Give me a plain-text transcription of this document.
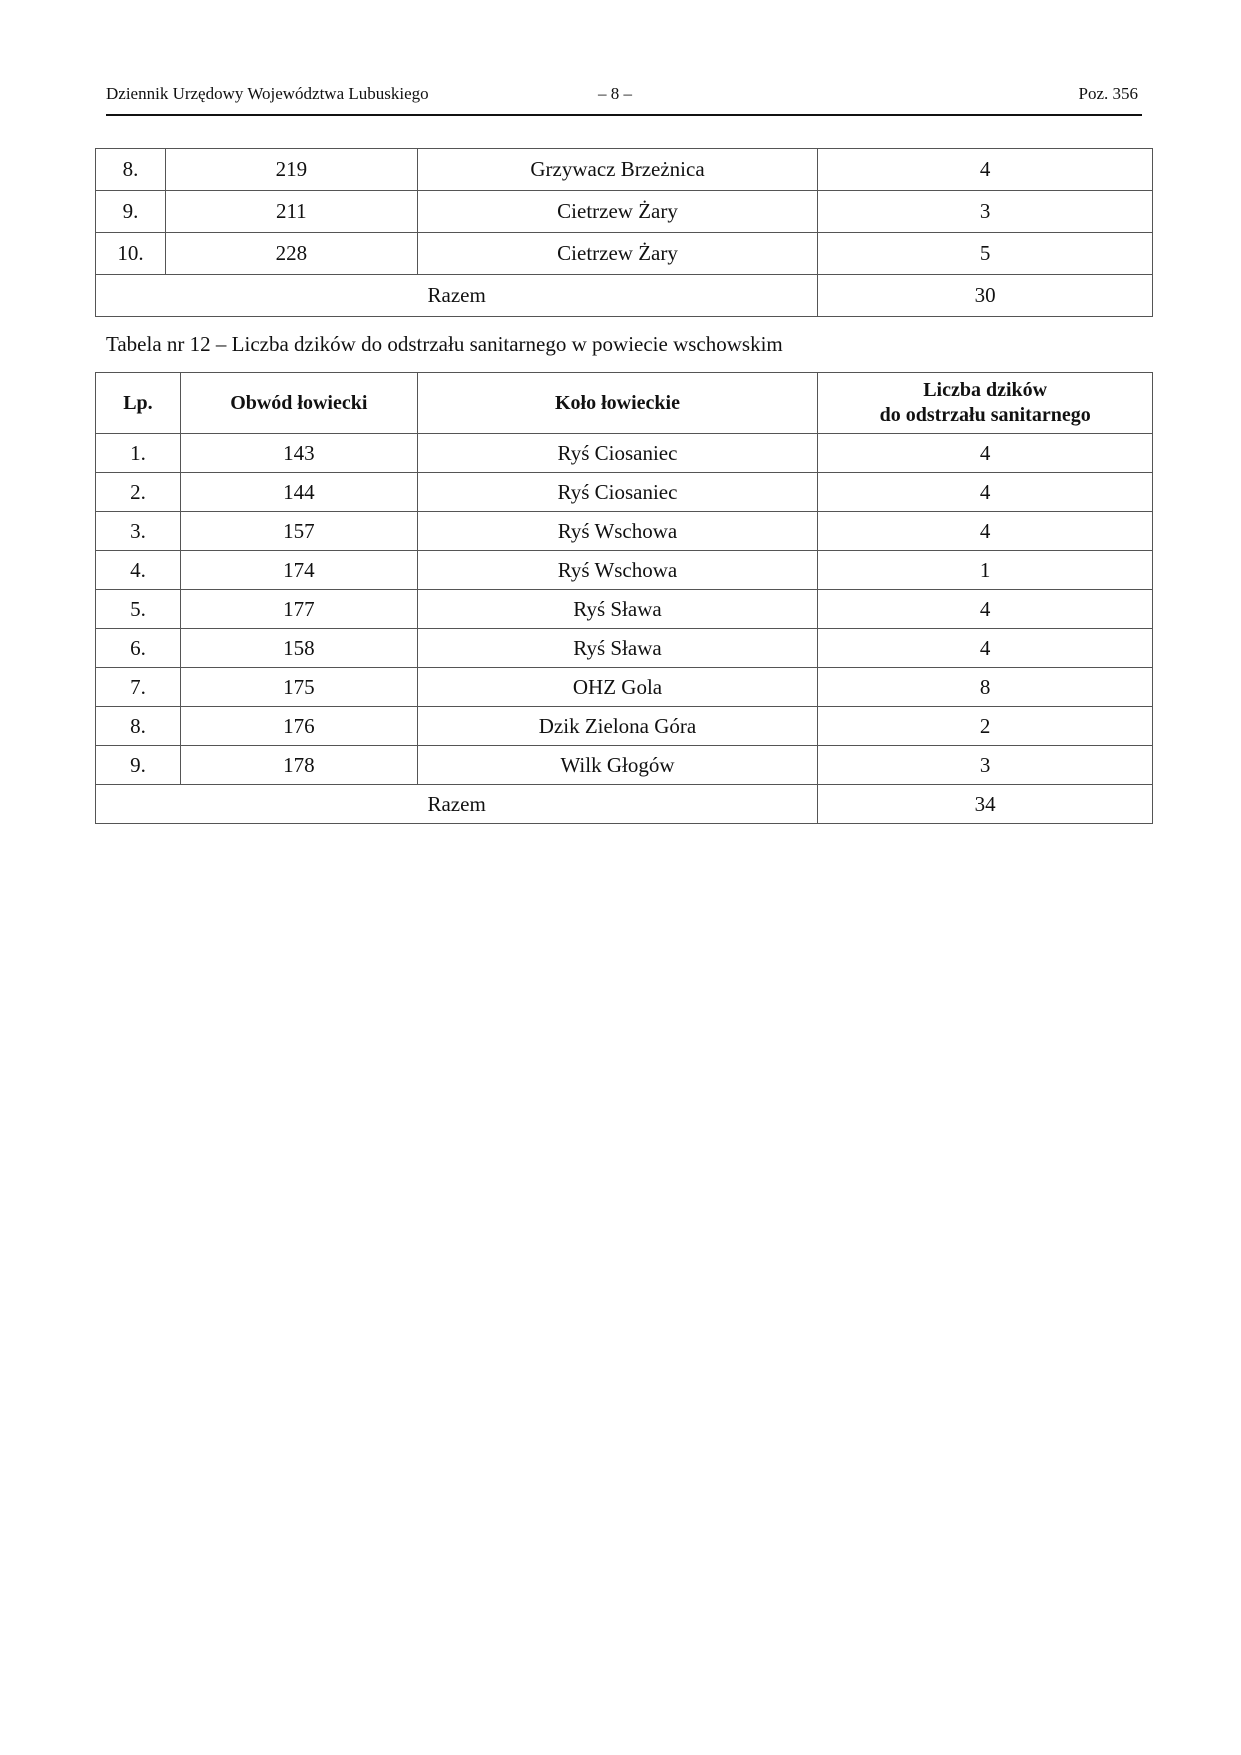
Dziennik Urzędowy Województwa Lubuskiego	– 8 –	Poz. 356
8.	219	Grzywacz Brzeżnica	4
9.	211	Cietrzew Żary	3
10.	228	Cietrzew Żary	5
Razem			30
Tabela nr 12 – Liczba dzików do odstrzału sanitarnego w powiecie wschowskim
Lp.	Obwód łowiecki	Koło łowieckie	Liczba dzików
do odstrzału sanitarnego
1.	143	Ryś Ciosaniec	4
2.	144	Ryś Ciosaniec	4
3.	157	Ryś Wschowa	4
4.	174	Ryś Wschowa	1
5.	177	Ryś Sława	4
6.	158	Ryś Sława	4
7.	175	OHZ Gola	8
8.	176	Dzik Zielona Góra	2
9.	178	Wilk Głogów	3
Razem			34
